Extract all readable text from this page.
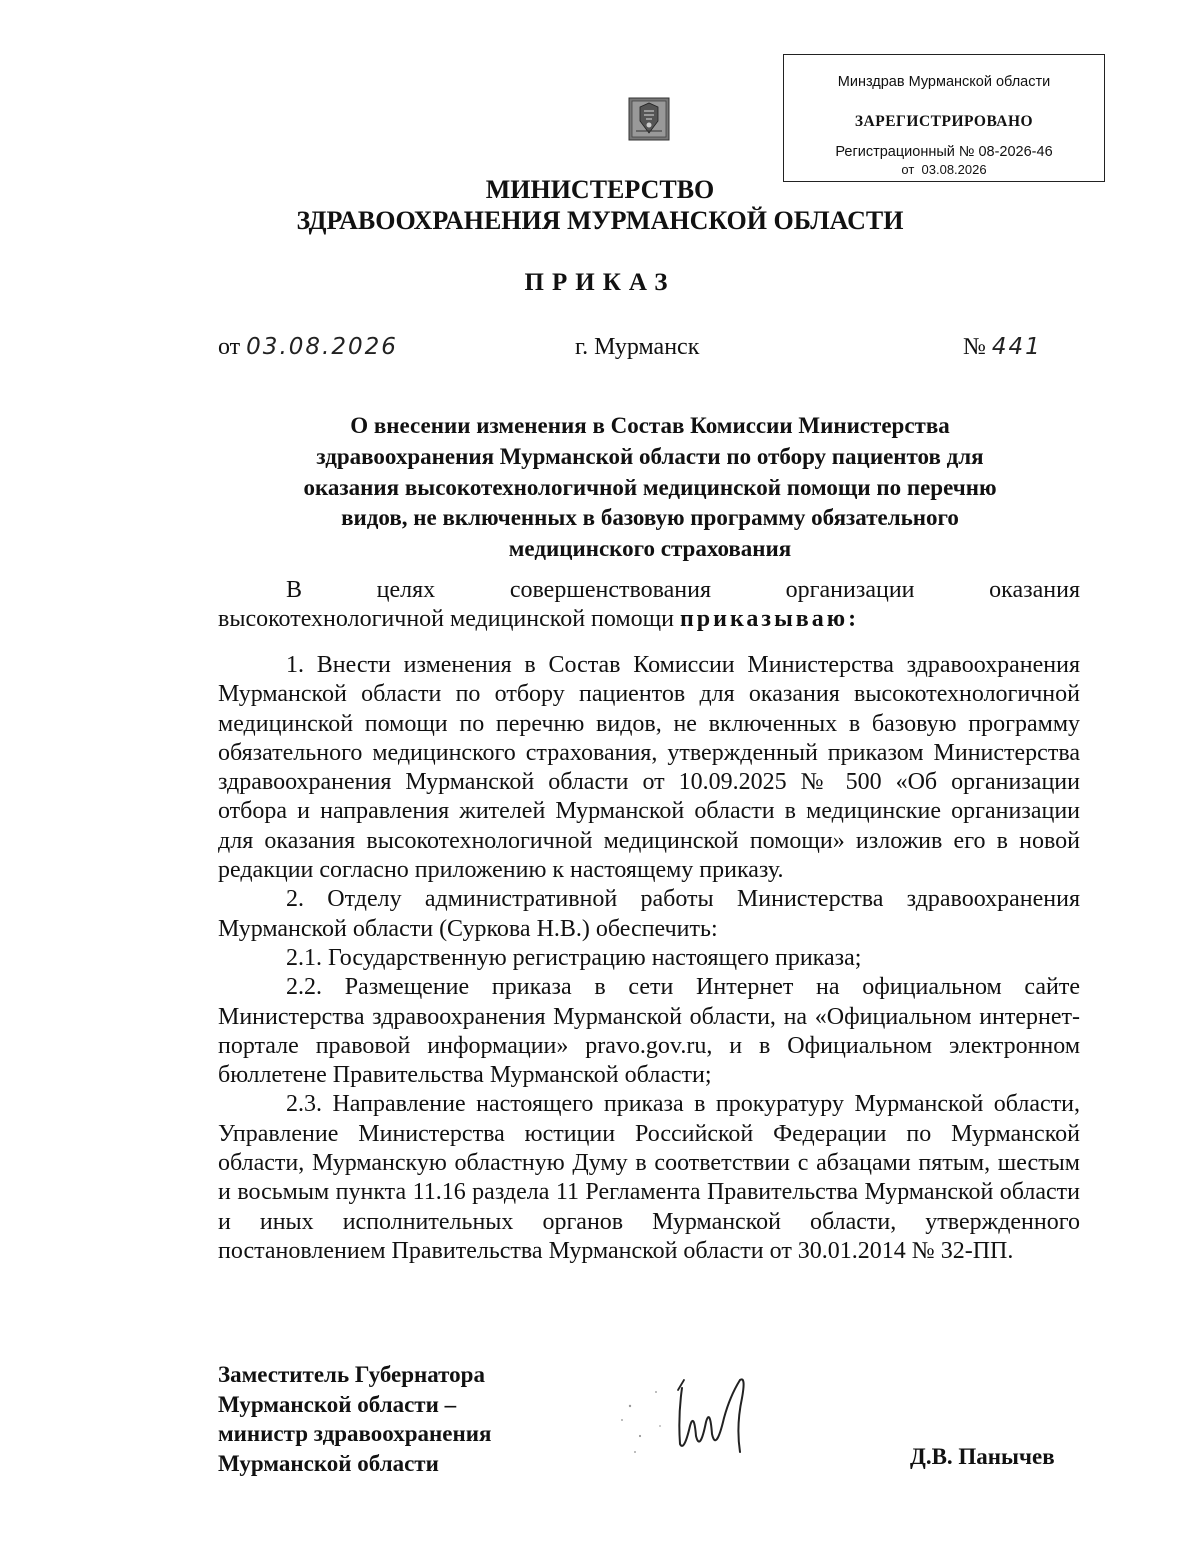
Минздрав Мурманской области
ЗАРЕГИСТРИРОВАНО
Регистрационный № 08-2026-46
от  03.08.2026
МИНИСТЕРСТВО
ЗДРАВООХРАНЕНИЯ МУРМАНСКОЙ ОБЛАСТИ
ПРИКАЗ
от 03.08.2026	г. Мурманск	№ 441
О внесении изменения в Состав Комиссии Министерства
здравоохранения Мурманской области по отбору пациентов для
оказания высокотехнологичной медицинской помощи по перечню
видов, не включенных в базовую программу обязательного
медицинского страхования

В целях совершенствования организации оказания

высокотехнологичной медицинской помощи приказываю:

1. Внести изменения в Состав Комиссии Министерства здравоохранения Мурманской области по отбору пациентов для оказания высокотехнологичной медицинской помощи по перечню видов, не включенных в базовую программу обязательного медицинского страхования, утвержденный приказом Министерства здравоохранения Мурманской области от 10.09.2025 № 500 «Об организации отбора и направления жителей Мурманской области в медицинские организации для оказания высокотехнологичной медицинской помощи» изложив его в новой редакции согласно приложению к настоящему приказу.

2. Отделу административной работы Министерства здравоохранения Мурманской области (Суркова Н.В.) обеспечить:

2.1. Государственную регистрацию настоящего приказа;

2.2. Размещение приказа в сети Интернет на официальном сайте Министерства здравоохранения Мурманской области, на «Официальном интернет-портале правовой информации» pravo.gov.ru, и в Официальном электронном бюллетене Правительства Мурманской области;

2.3. Направление настоящего приказа в прокуратуру Мурманской области, Управление Министерства юстиции Российской Федерации по Мурманской области, Мурманскую областную Думу в соответствии с абзацами пятым, шестым и восьмым пункта 11.16 раздела 11 Регламента Правительства Мурманской области и иных исполнительных органов Мурманской области, утвержденного постановлением Правительства Мурманской области от 30.01.2014 № 32-ПП.

Заместитель Губернатора
Мурманской области –
министр здравоохранения
Мурманской области	Д.В. Панычев
